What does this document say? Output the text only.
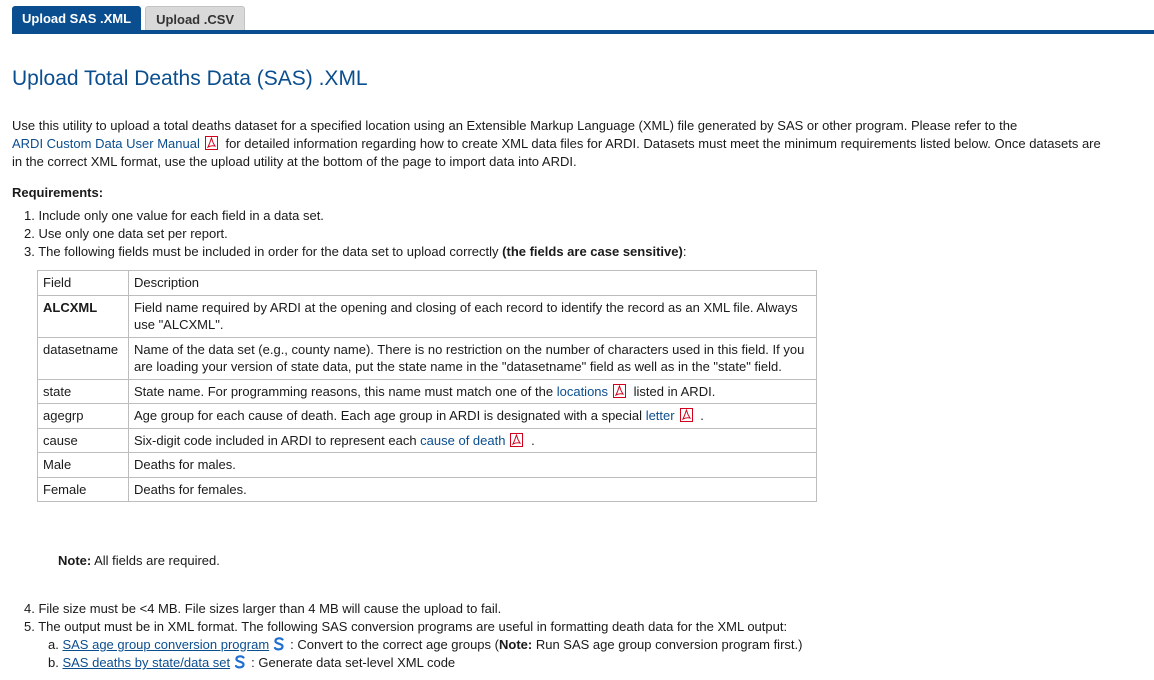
Upload SAS .XML	Upload .CSV
Upload Total Deaths Data (SAS) .XML

Use this utility to upload a total deaths dataset for a specified location using an Extensible Markup Language (XML) file generated by SAS or other program. Please refer to the
ARDI Custom Data User Manual for detailed information regarding how to create XML data files for ARDI. Datasets must meet the minimum requirements listed below. Once datasets are in the correct XML format, use the upload utility at the bottom of the page to import data into ARDI.

Requirements:

1. Include only one value for each field in a data set.
2. Use only one data set per report.
3. The following fields must be included in order for the data set to upload correctly (the fields are case sensitive):
Field	Description
ALCXML	Field name required by ARDI at the opening and closing of each record to identify the record as an XML file. Always use "ALCXML".
datasetname	Name of the data set (e.g., county name). There is no restriction on the number of characters used in this field. If you are loading your version of state data, put the state name in the "datasetname" field as well as in the "state" field.
state	State name. For programming reasons, this name must match one of the locations listed in ARDI.
agegrp	Age group for each cause of death. Each age group in ARDI is designated with a special letter .
cause	Six-digit code included in ARDI to represent each cause of death .
Male	Deaths for males.
Female	Deaths for females.

Note: All fields are required.

4. File size must be <4 MB. File sizes larger than 4 MB will cause the upload to fail.
5. The output must be in XML format. The following SAS conversion programs are useful in formatting death data for the XML output:
a. SAS age group conversion program : Convert to the correct age groups (Note: Run SAS age group conversion program first.)
b. SAS deaths by state/data set : Generate data set-level XML code
